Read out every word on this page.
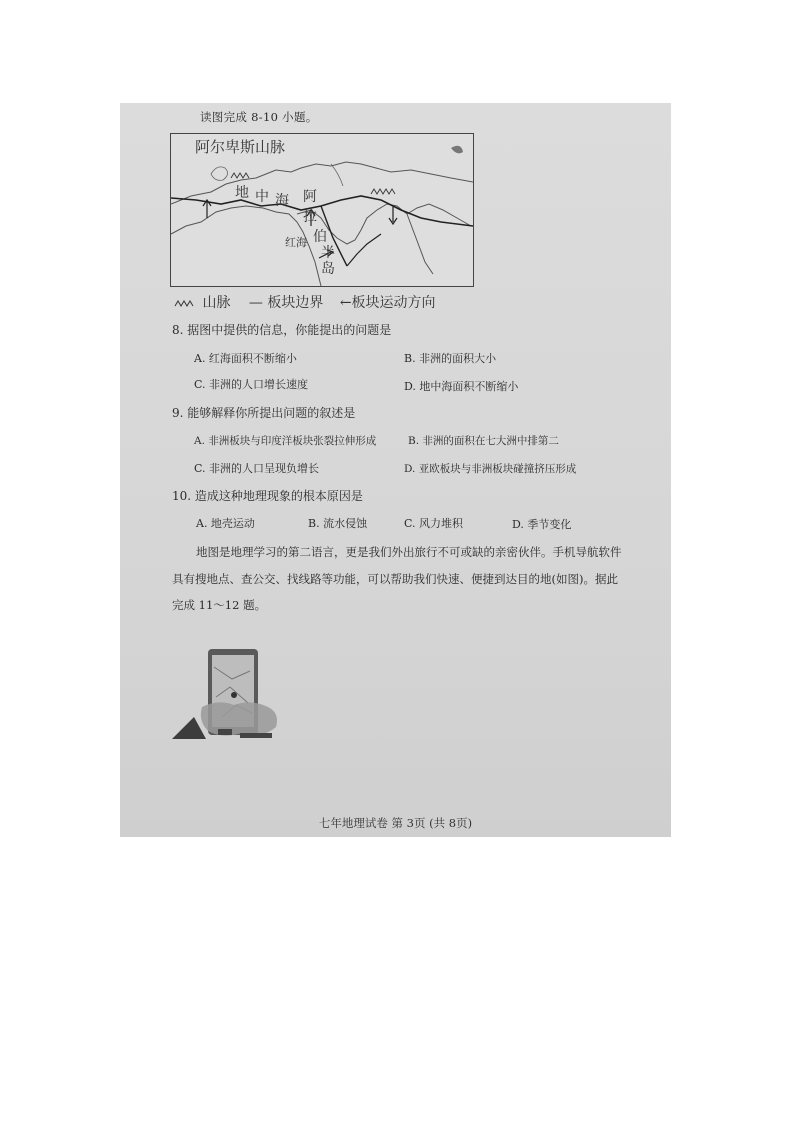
读图完成 8-10 小题。
阿尔卑斯山脉
地 中 海 阿
拉
伯
半
岛
红海
山脉 — 板块边界 ←板块运动方向
8. 据图中提供的信息，你能提出的问题是
A. 红海面积不断缩小	B. 非洲的面积大小
C. 非洲的人口增长速度	D. 地中海面积不断缩小
9. 能够解释你所提出问题的叙述是
A. 非洲板块与印度洋板块张裂拉伸形成	B. 非洲的面积在七大洲中排第二
C. 非洲的人口呈现负增长	D. 亚欧板块与非洲板块碰撞挤压形成
10. 造成这种地理现象的根本原因是
A. 地壳运动	B. 流水侵蚀	C. 风力堆积	D. 季节变化
地图是地理学习的第二语言，更是我们外出旅行不可或缺的亲密伙伴。手机导航软件
具有搜地点、查公交、找线路等功能，可以帮助我们快速、便捷到达目的地(如图)。据此
完成 11～12 题。
七年地理试卷 第 3页 (共 8页)
